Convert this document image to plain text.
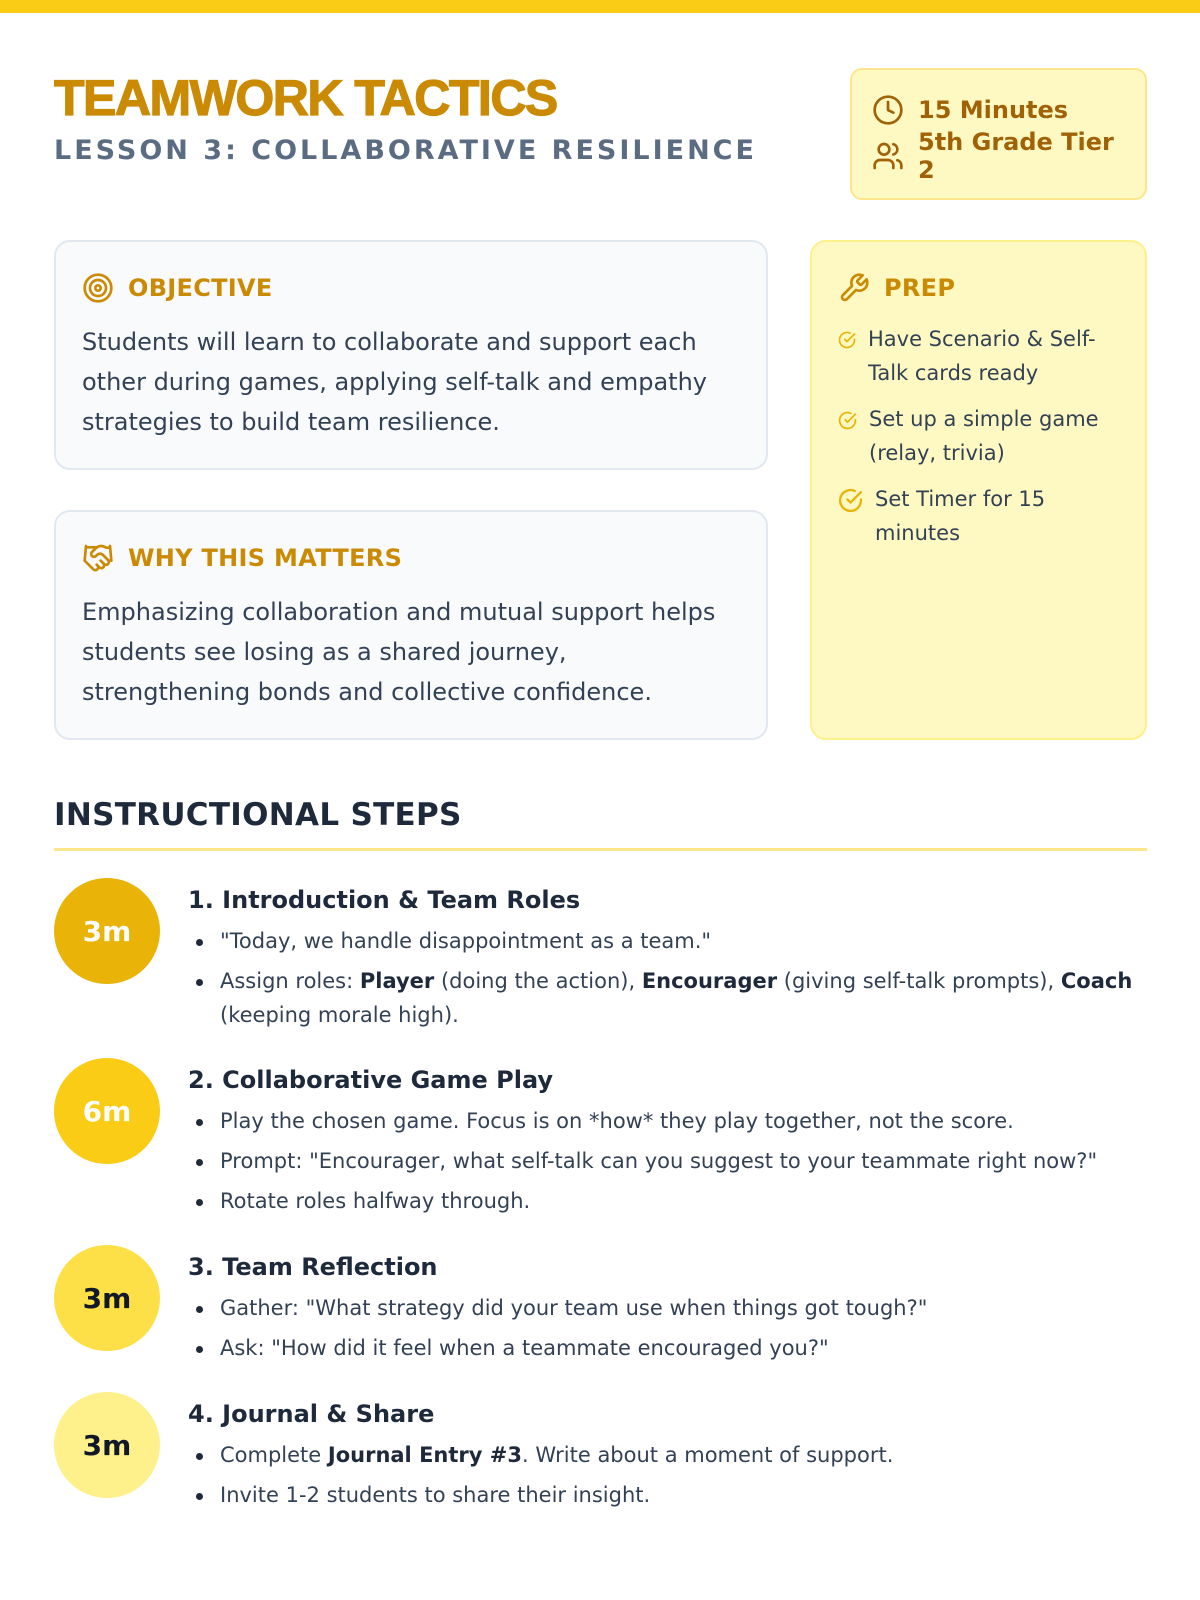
TEAMWORK TACTICS
LESSON 3: COLLABORATIVE RESILIENCE
15 Minutes
5th Grade Tier 2
OBJECTIVE
Students will learn to collaborate and support each other during games, applying self-talk and empathy strategies to build team resilience.
WHY THIS MATTERS
Emphasizing collaboration and mutual support helps students see losing as a shared journey, strengthening bonds and collective confidence.
PREP
Have Scenario & Self-Talk cards ready
Set up a simple game (relay, trivia)
Set Timer for 15 minutes
INSTRUCTIONAL STEPS
3m
1. Introduction & Team Roles
"Today, we handle disappointment as a team."
Assign roles: Player (doing the action), Encourager (giving self-talk prompts), Coach (keeping morale high).
6m
2. Collaborative Game Play
Play the chosen game. Focus is on *how* they play together, not the score.
Prompt: "Encourager, what self-talk can you suggest to your teammate right now?"
Rotate roles halfway through.
3m
3. Team Reflection
Gather: "What strategy did your team use when things got tough?"
Ask: "How did it feel when a teammate encouraged you?"
3m
4. Journal & Share
Complete Journal Entry #3. Write about a moment of support.
Invite 1-2 students to share their insight.
